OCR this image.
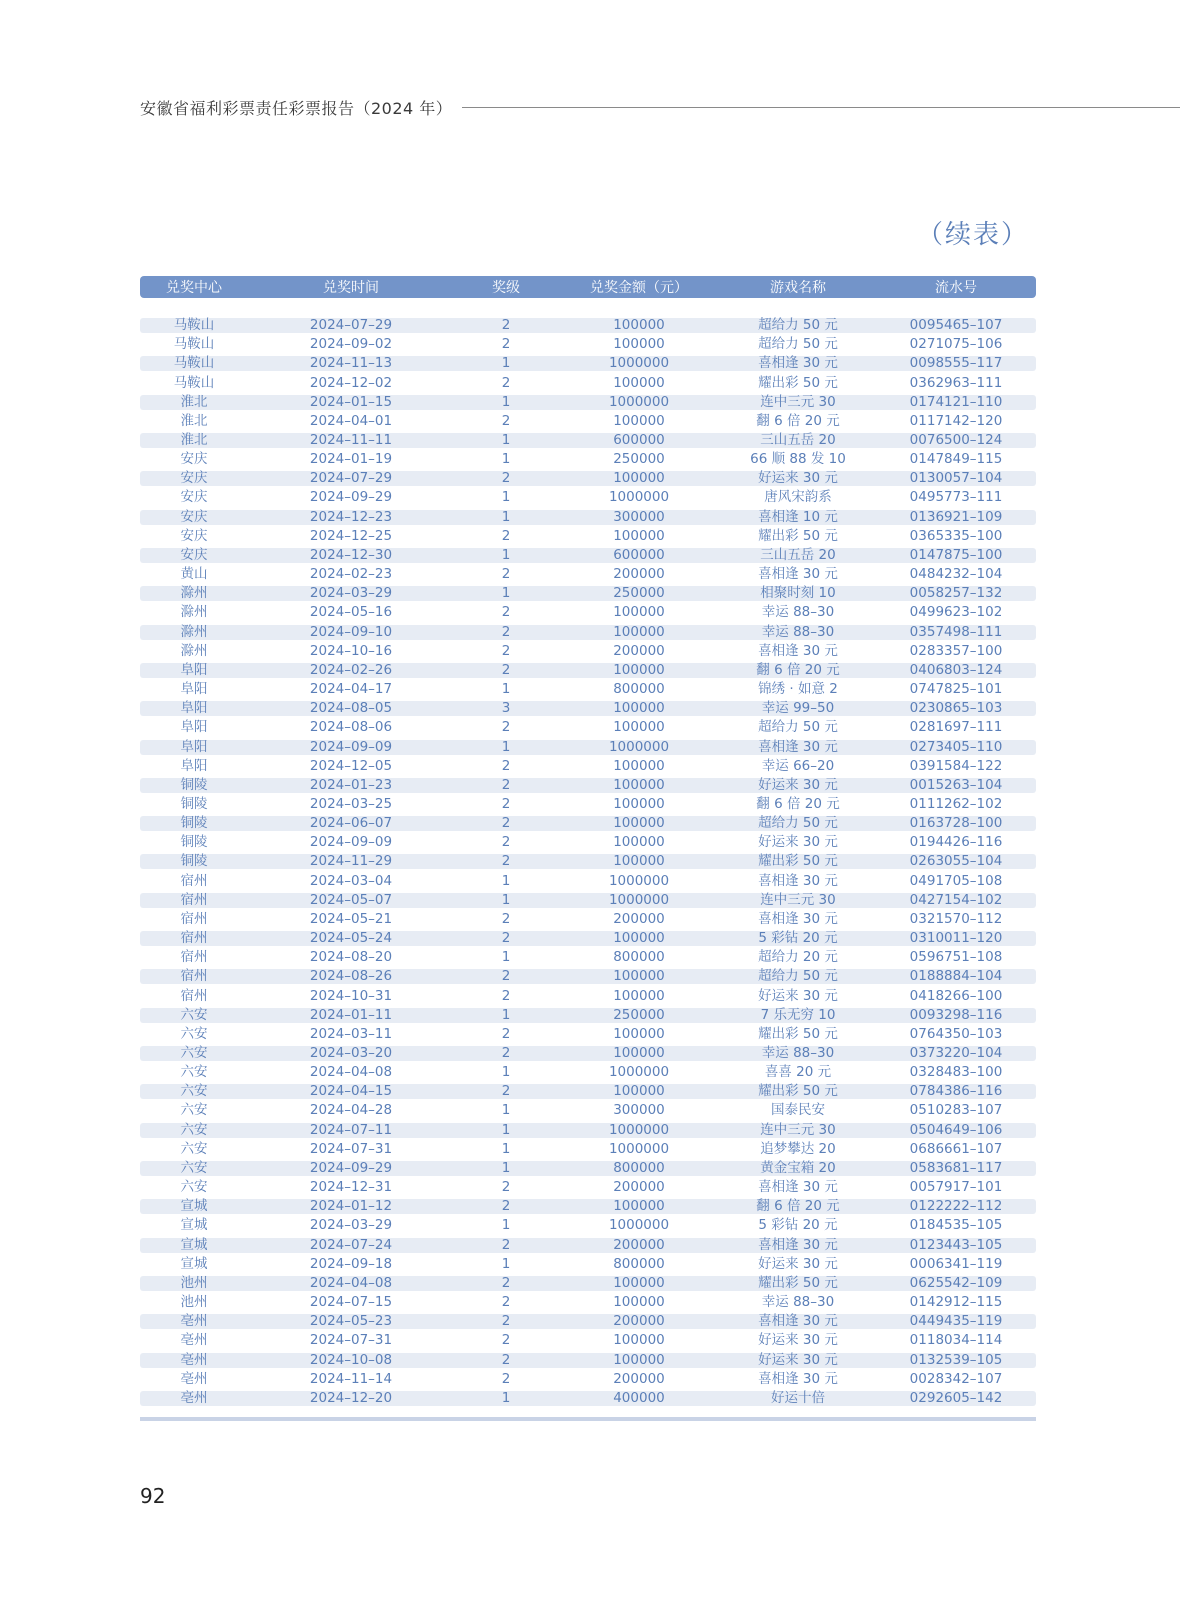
安徽省福利彩票责任彩票报告（2024 年）
（续表）
兑奖中心	兑奖时间	奖级	兑奖金额（元）	游戏名称	流水号
马鞍山	2024–07–29	2	100000	超给力 50 元	0095465–107
马鞍山	2024–09–02	2	100000	超给力 50 元	0271075–106
马鞍山	2024–11–13	1	1000000	喜相逢 30 元	0098555–117
马鞍山	2024–12–02	2	100000	耀出彩 50 元	0362963–111
淮北	2024–01–15	1	1000000	连中三元 30	0174121–110
淮北	2024–04–01	2	100000	翻 6 倍 20 元	0117142–120
淮北	2024–11–11	1	600000	三山五岳 20	0076500–124
安庆	2024–01–19	1	250000	66 顺 88 发 10	0147849–115
安庆	2024–07–29	2	100000	好运来 30 元	0130057–104
安庆	2024–09–29	1	1000000	唐风宋韵系	0495773–111
安庆	2024–12–23	1	300000	喜相逢 10 元	0136921–109
安庆	2024–12–25	2	100000	耀出彩 50 元	0365335–100
安庆	2024–12–30	1	600000	三山五岳 20	0147875–100
黄山	2024–02–23	2	200000	喜相逢 30 元	0484232–104
滁州	2024–03–29	1	250000	相聚时刻 10	0058257–132
滁州	2024–05–16	2	100000	幸运 88–30	0499623–102
滁州	2024–09–10	2	100000	幸运 88–30	0357498–111
滁州	2024–10–16	2	200000	喜相逢 30 元	0283357–100
阜阳	2024–02–26	2	100000	翻 6 倍 20 元	0406803–124
阜阳	2024–04–17	1	800000	锦绣 · 如意 2	0747825–101
阜阳	2024–08–05	3	100000	幸运 99–50	0230865–103
阜阳	2024–08–06	2	100000	超给力 50 元	0281697–111
阜阳	2024–09–09	1	1000000	喜相逢 30 元	0273405–110
阜阳	2024–12–05	2	100000	幸运 66–20	0391584–122
铜陵	2024–01–23	2	100000	好运来 30 元	0015263–104
铜陵	2024–03–25	2	100000	翻 6 倍 20 元	0111262–102
铜陵	2024–06–07	2	100000	超给力 50 元	0163728–100
铜陵	2024–09–09	2	100000	好运来 30 元	0194426–116
铜陵	2024–11–29	2	100000	耀出彩 50 元	0263055–104
宿州	2024–03–04	1	1000000	喜相逢 30 元	0491705–108
宿州	2024–05–07	1	1000000	连中三元 30	0427154–102
宿州	2024–05–21	2	200000	喜相逢 30 元	0321570–112
宿州	2024–05–24	2	100000	5 彩钻 20 元	0310011–120
宿州	2024–08–20	1	800000	超给力 20 元	0596751–108
宿州	2024–08–26	2	100000	超给力 50 元	0188884–104
宿州	2024–10–31	2	100000	好运来 30 元	0418266–100
六安	2024–01–11	1	250000	7 乐无穷 10	0093298–116
六安	2024–03–11	2	100000	耀出彩 50 元	0764350–103
六安	2024–03–20	2	100000	幸运 88–30	0373220–104
六安	2024–04–08	1	1000000	喜喜 20 元	0328483–100
六安	2024–04–15	2	100000	耀出彩 50 元	0784386–116
六安	2024–04–28	1	300000	国泰民安	0510283–107
六安	2024–07–11	1	1000000	连中三元 30	0504649–106
六安	2024–07–31	1	1000000	追梦攀达 20	0686661–107
六安	2024–09–29	1	800000	黄金宝箱 20	0583681–117
六安	2024–12–31	2	200000	喜相逢 30 元	0057917–101
宣城	2024–01–12	2	100000	翻 6 倍 20 元	0122222–112
宣城	2024–03–29	1	1000000	5 彩钻 20 元	0184535–105
宣城	2024–07–24	2	200000	喜相逢 30 元	0123443–105
宣城	2024–09–18	1	800000	好运来 30 元	0006341–119
池州	2024–04–08	2	100000	耀出彩 50 元	0625542–109
池州	2024–07–15	2	100000	幸运 88–30	0142912–115
亳州	2024–05–23	2	200000	喜相逢 30 元	0449435–119
亳州	2024–07–31	2	100000	好运来 30 元	0118034–114
亳州	2024–10–08	2	100000	好运来 30 元	0132539–105
亳州	2024–11–14	2	200000	喜相逢 30 元	0028342–107
亳州	2024–12–20	1	400000	好运十倍	0292605–142
92
